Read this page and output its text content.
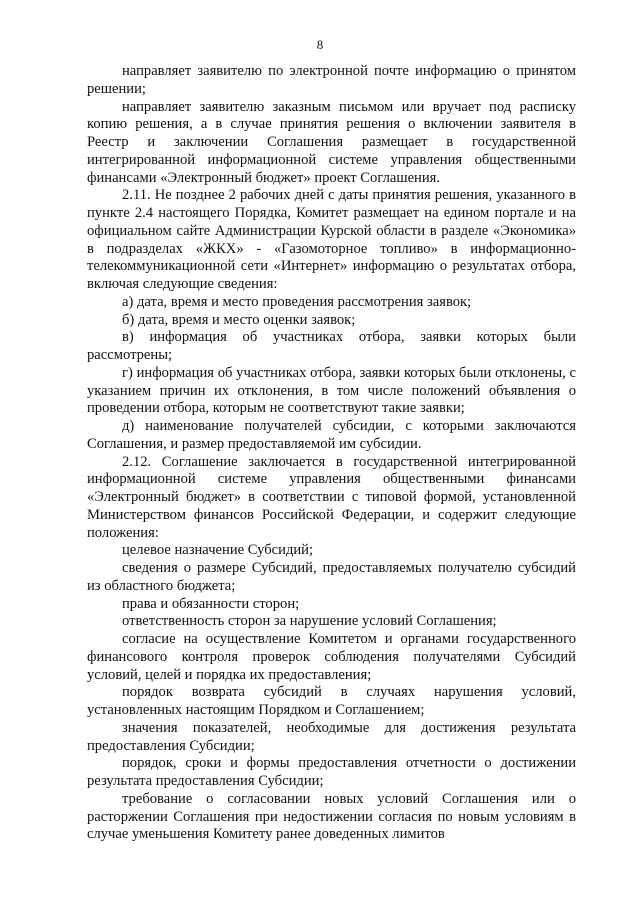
8

направляет заявителю по электронной почте информацию о принятом решении;

направляет заявителю заказным письмом или вручает под расписку копию решения, а в случае принятия решения о включении заявителя в Реестр и заключении Соглашения размещает в государственной интегрированной информационной системе управления общественными финансами «Электронный бюджет» проект Соглашения.

2.11. Не позднее 2 рабочих дней с даты принятия решения, указанного в пункте 2.4 настоящего Порядка, Комитет размещает на едином портале и на официальном сайте Администрации Курской области в разделе «Экономика» в подразделах «ЖКХ» - «Газомоторное топливо» в информационно-телекоммуникационной сети «Интернет» информацию о результатах отбора, включая следующие сведения:

а) дата, время и место проведения рассмотрения заявок;

б) дата, время и место оценки заявок;

в) информация об участниках отбора, заявки которых были рассмотрены;

г) информация об участниках отбора, заявки которых были отклонены, с указанием причин их отклонения, в том числе положений объявления о проведении отбора, которым не соответствуют такие заявки;

д) наименование получателей субсидии, с которыми заключаются Соглашения, и размер предоставляемой им субсидии.

2.12. Соглашение заключается в государственной интегрированной информационной системе управления общественными финансами «Электронный бюджет» в соответствии с типовой формой, установленной Министерством финансов Российской Федерации, и содержит следующие положения:

целевое назначение Субсидий;

сведения о размере Субсидий, предоставляемых получателю субсидий из областного бюджета;

права и обязанности сторон;

ответственность сторон за нарушение условий Соглашения;

согласие на осуществление Комитетом и органами государственного финансового контроля проверок соблюдения получателями Субсидий условий, целей и порядка их предоставления;

порядок возврата субсидий в случаях нарушения условий, установленных настоящим Порядком и Соглашением;

значения показателей, необходимые для достижения результата предоставления Субсидии;

порядок, сроки и формы предоставления отчетности о достижении результата предоставления Субсидии;

требование о согласовании новых условий Соглашения или о расторжении Соглашения при недостижении согласия по новым условиям в случае уменьшения Комитету ранее доведенных лимитов
